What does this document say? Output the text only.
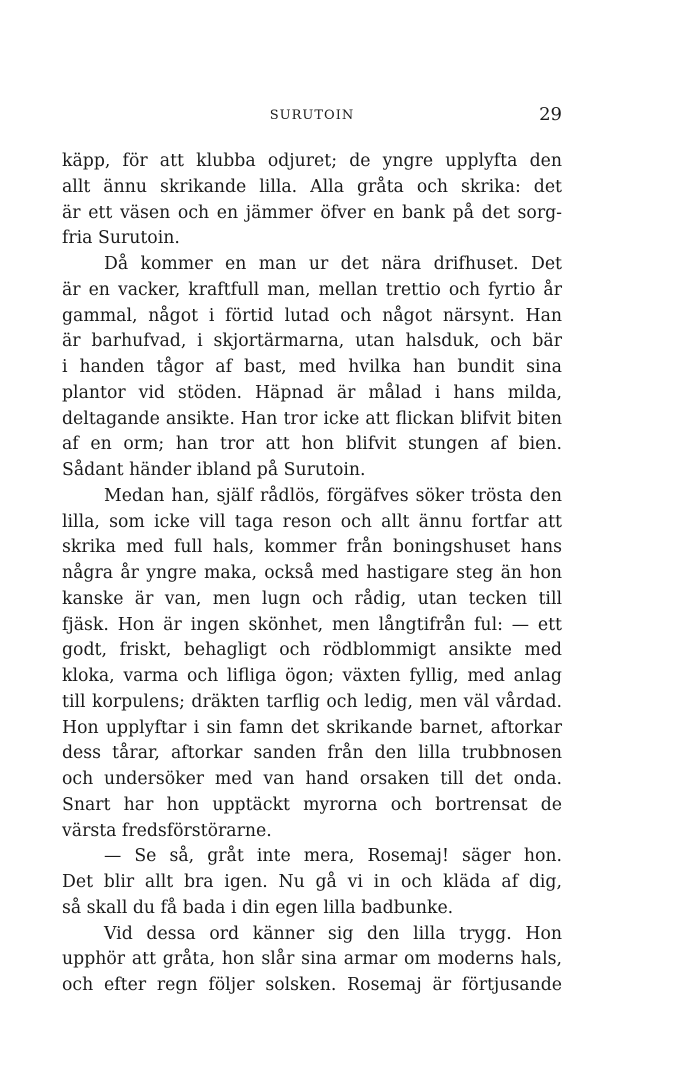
SURUTOIN	29
käpp, för att klubba odjuret; de yngre upplyfta den
allt ännu skrikande lilla. Alla gråta och skrika: det
är ett väsen och en jämmer öfver en bank på det sorg-
fria Surutoin.
Då kommer en man ur det nära drifhuset. Det
är en vacker, kraftfull man, mellan trettio och fyrtio år
gammal, något i förtid lutad och något närsynt. Han
är barhufvad, i skjortärmarna, utan halsduk, och bär
i handen tågor af bast, med hvilka han bundit sina
plantor vid stöden. Häpnad är målad i hans milda,
deltagande ansikte. Han tror icke att flickan blifvit biten
af en orm; han tror att hon blifvit stungen af bien.
Sådant händer ibland på Surutoin.
Medan han, själf rådlös, förgäfves söker trösta den
lilla, som icke vill taga reson och allt ännu fortfar att
skrika med full hals, kommer från boningshuset hans
några år yngre maka, också med hastigare steg än hon
kanske är van, men lugn och rådig, utan tecken till
fjäsk. Hon är ingen skönhet, men långtifrån ful: — ett
godt, friskt, behagligt och rödblommigt ansikte med
kloka, varma och lifliga ögon; växten fyllig, med anlag
till korpulens; dräkten tarflig och ledig, men väl vårdad.
Hon upplyftar i sin famn det skrikande barnet, aftorkar
dess tårar, aftorkar sanden från den lilla trubbnosen
och undersöker med van hand orsaken till det onda.
Snart har hon upptäckt myrorna och bortrensat de
värsta fredsförstörarne.
— Se så, gråt inte mera, Rosemaj! säger hon.
Det blir allt bra igen. Nu gå vi in och kläda af dig,
så skall du få bada i din egen lilla badbunke.
Vid dessa ord känner sig den lilla trygg. Hon
upphör att gråta, hon slår sina armar om moderns hals,
och efter regn följer solsken. Rosemaj är förtjusande
